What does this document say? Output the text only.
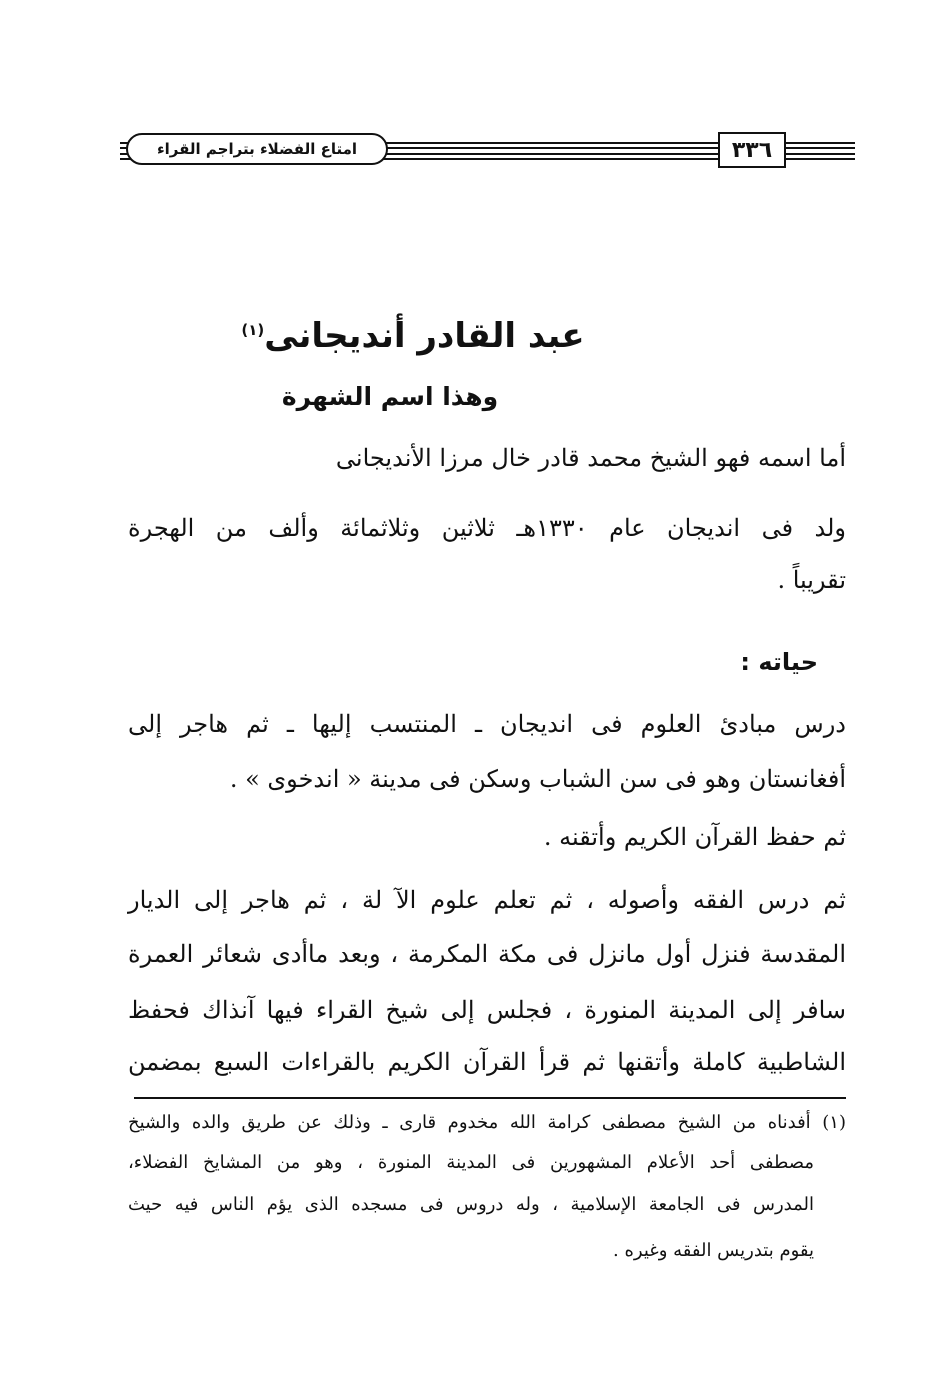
امتاع الفضلاء بتراجم القراء	٣٣٦
عبد القادر أنديجانى$^{(١)}$
وهذا اسم الشهرة
أما اسمه فهو الشيخ محمد قادر خال مرزا الأنديجانى
ولد فى انديجان عام ١٣٣٠هـ ثلاثين وثلاثمائة وألف من الهجرة
تقريباً .
حياته :
درس مبادئ العلوم فى انديجان ـ المنتسب إليها ـ ثم هاجر إلى
أفغانستان وهو فى سن الشباب وسكن فى مدينة « اندخوى » .
ثم حفظ القرآن الكريم وأتقنه .
ثم درس الفقه وأصوله ، ثم تعلم علوم الآ لة ، ثم هاجر إلى الديار
المقدسة فنزل أول مانزل فى مكة المكرمة ، وبعد ماأدى شعائر العمرة
سافر إلى المدينة المنورة ، فجلس إلى شيخ القراء فيها آنذاك فحفظ
الشاطبية كاملة وأتقنها ثم قرأ القرآن الكريم بالقراءات السبع بمضمن
(١) أفدناه من الشيخ مصطفى كرامة الله مخدوم قارى ـ وذلك عن طريق والده والشيخ
مصطفى أحد الأعلام المشهورين فى المدينة المنورة ، وهو من المشايخ الفضلاء،
المدرس فى الجامعة الإسلامية ، وله دروس فى مسجده الذى يؤم الناس فيه حيث
يقوم بتدريس الفقه وغيره .
